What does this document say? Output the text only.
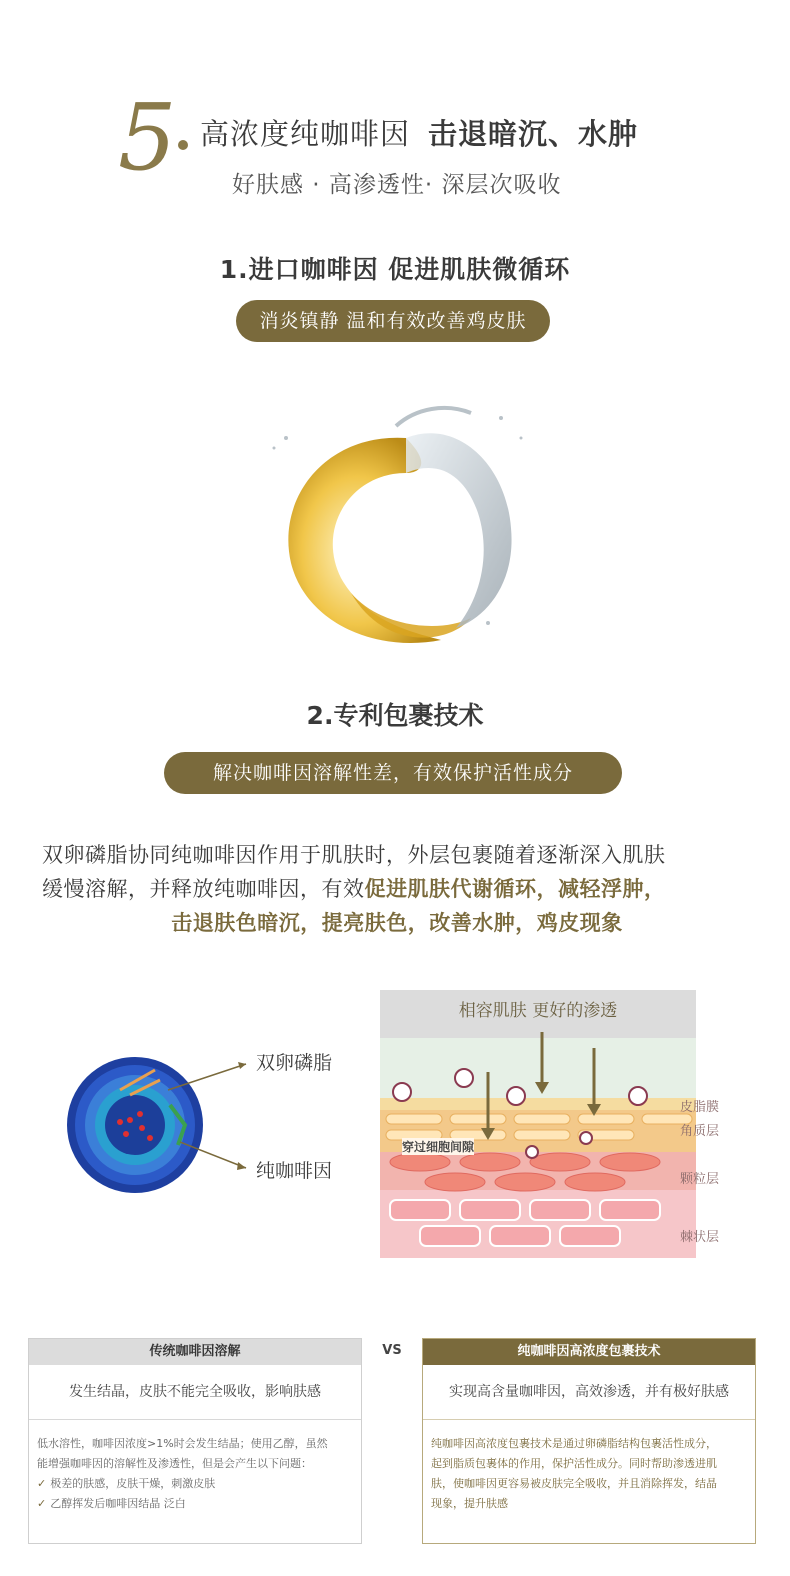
5 高浓度纯咖啡因 击退暗沉、水肿
好肤感 · 高渗透性· 深层次吸收
1.进口咖啡因 促进肌肤微循环
消炎镇静 温和有效改善鸡皮肤
2.专利包裹技术
解决咖啡因溶解性差，有效保护活性成分
双卵磷脂协同纯咖啡因作用于肌肤时，外层包裹随着逐渐深入肌肤
缓慢溶解，并释放纯咖啡因，有效促进肌肤代谢循环，减轻浮肿，
击退肤色暗沉，提亮肤色，改善水肿，鸡皮现象
双卵磷脂
纯咖啡因
相容肌肤 更好的渗透
穿过细胞间隙
皮脂膜
角质层
颗粒层
棘状层
传统咖啡因溶解
发生结晶，皮肤不能完全吸收，影响肤感
低水溶性，咖啡因浓度>1%时会发生结晶；使用乙醇，虽然
能增强咖啡因的溶解性及渗透性，但是会产生以下问题：
✓ 极差的肤感，皮肤干燥，刺激皮肤
✓ 乙醇挥发后咖啡因结晶 泛白
VS	纯咖啡因高浓度包裹技术
实现高含量咖啡因，高效渗透，并有极好肤感
纯咖啡因高浓度包裹技术是通过卵磷脂结构包裹活性成分，
起到脂质包裹体的作用，保护活性成分。同时帮助渗透进肌
肤，使咖啡因更容易被皮肤完全吸收，并且消除挥发，结晶
现象，提升肤感
